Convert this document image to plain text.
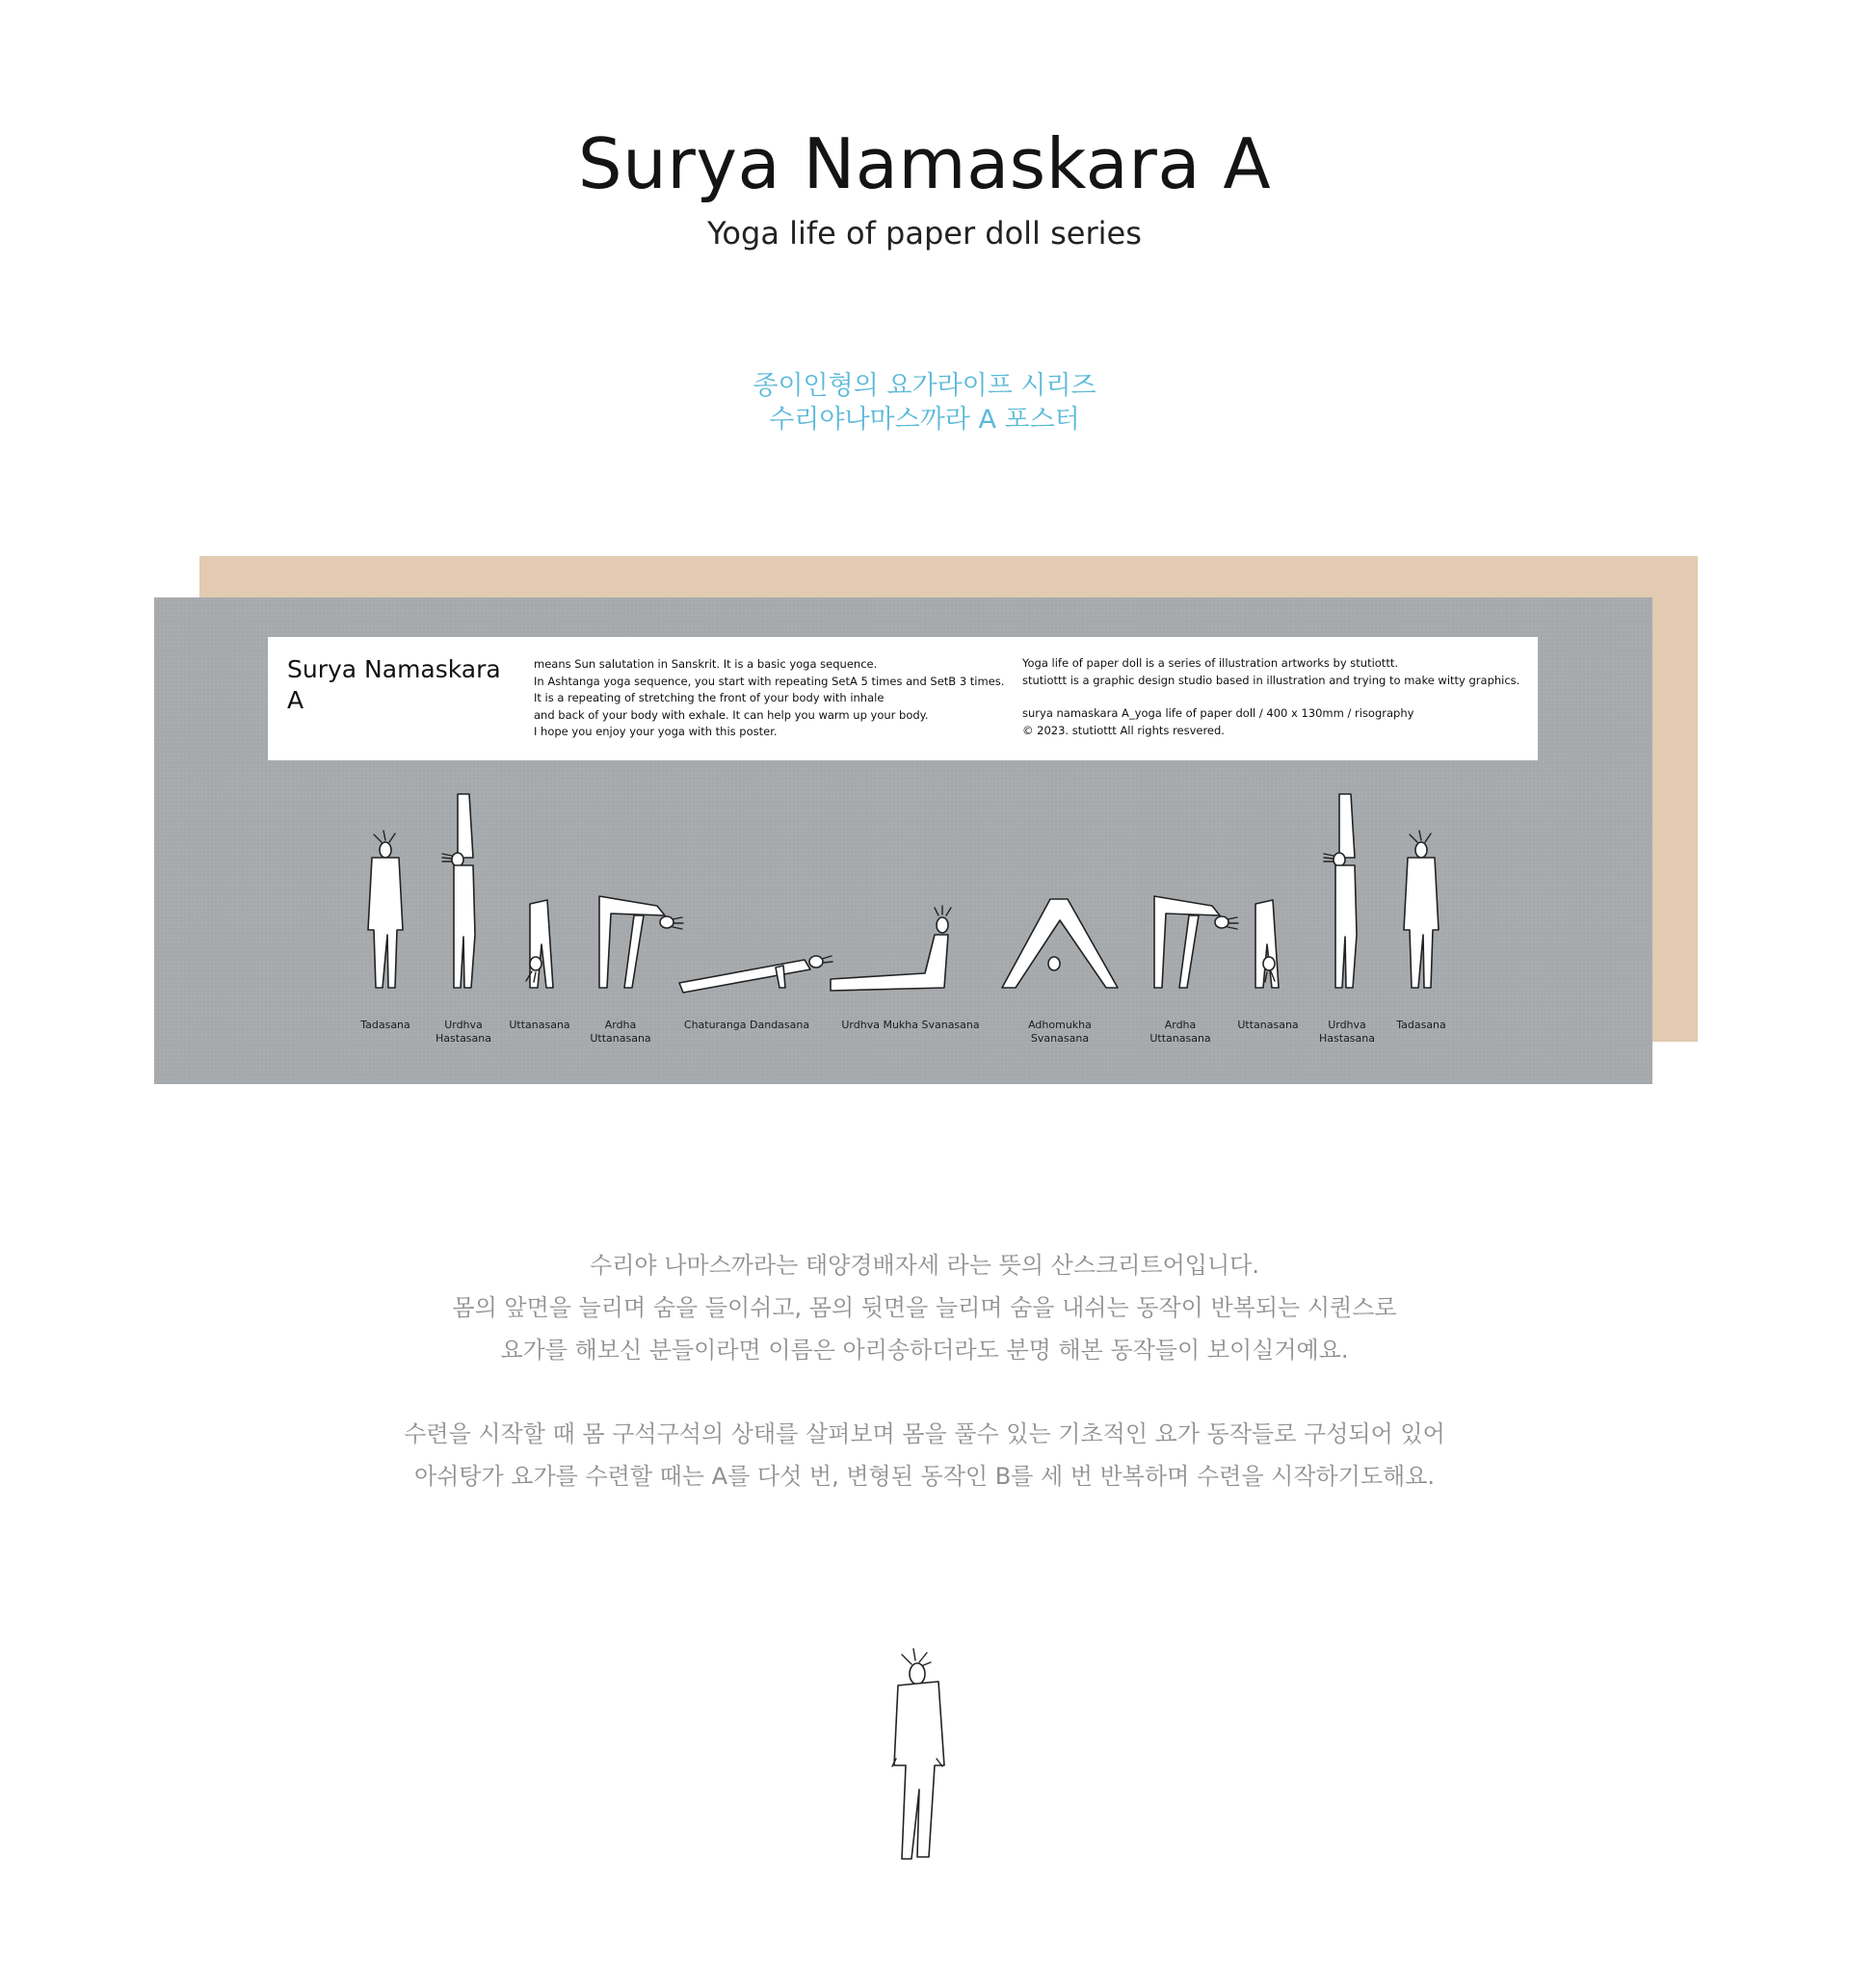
Surya Namaskara A
Yoga life of paper doll series
종이인형의 요가라이프 시리즈
수리야나마스까라 A 포스터
Surya Namaskara
A
means Sun salutation in Sanskrit. It is a basic yoga sequence.
In Ashtanga yoga sequence, you start with repeating SetA 5 times and SetB 3 times.
It is a repeating of stretching the front of your body with inhale
and back of your body with exhale. It can help you warm up your body.
I hope you enjoy your yoga with this poster.
Yoga life of paper doll is a series of illustration artworks by stutiottt.
stutiottt is a graphic design studio based in illustration and trying to make witty graphics.
surya namaskara A_yoga life of paper doll / 400 x 130mm / risography
© 2023. stutiottt All rights resvered.
Tadasana	Urdhva
Hastasana
Uttanasana	Ardha
Uttanasana
Chaturanga Dandasana	Urdhva Mukha Svanasana	Adhomukha
Svanasana
Ardha
Uttanasana
Uttanasana	Urdhva
Hastasana
Tadasana
수리야 나마스까라는 태양경배자세 라는 뜻의 산스크리트어입니다.
몸의 앞면을 늘리며 숨을 들이쉬고, 몸의 뒷면을 늘리며 숨을 내쉬는 동작이 반복되는 시퀀스로
요가를 해보신 분들이라면 이름은 아리송하더라도 분명 해본 동작들이 보이실거예요.
수련을 시작할 때 몸 구석구석의 상태를 살펴보며 몸을 풀수 있는 기초적인 요가 동작들로 구성되어 있어
아쉬탕가 요가를 수련할 때는 A를 다섯 번, 변형된 동작인 B를 세 번 반복하며 수련을 시작하기도해요.
